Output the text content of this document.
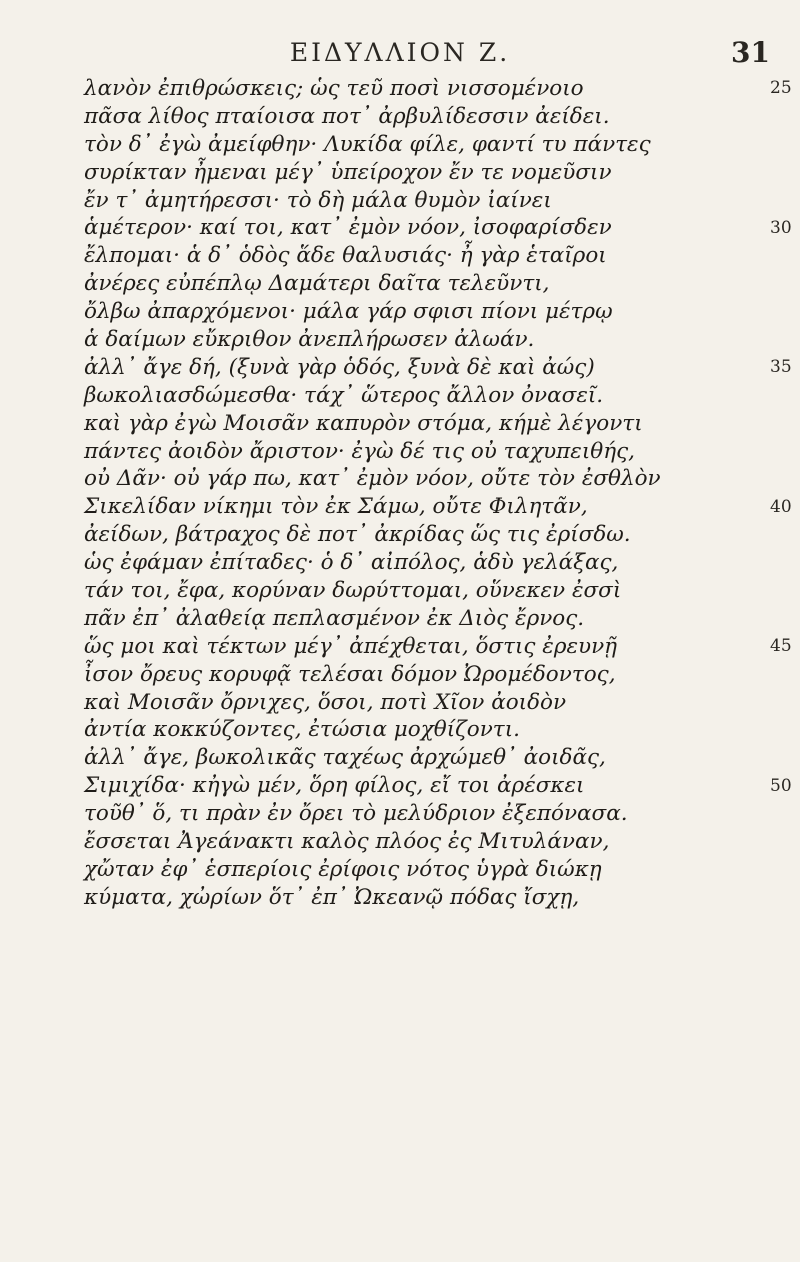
ΕΙΔΥΛΛΙΟΝ Ζ.	31
λανὸν ἐπιθρώσκεις; ὡς τεῦ ποσὶ νισσομένοιο
πᾶσα λίθος πταίοισα ποτ᾿ ἀρβυλίδεσσιν ἀείδει.
τὸν δ᾿ ἐγὼ ἀμείφθην· Λυκίδα φίλε, φαντί τυ πάντες
συρίκταν ἦμεναι μέγ᾿ ὑπείροχον ἔν τε νομεῦσιν
ἔν τ᾿ ἀμητήρεσσι· τὸ δὴ μάλα θυμὸν ἰαίνει
ἁμέτερον· καί τοι, κατ᾿ ἐμὸν νόον, ἰσοφαρίσδεν
ἔλπομαι· ἁ δ᾿ ὁδὸς ἅδε θαλυσιάς· ἦ γὰρ ἑταῖροι
ἀνέρες εὐπέπλῳ Δαμάτερι δαῖτα τελεῦντι,
ὄλβω ἀπαρχόμενοι· μάλα γάρ σφισι πίονι μέτρῳ
ἁ δαίμων εὔκριθον ἀνεπλήρωσεν ἀλωάν.
ἀλλ᾿ ἄγε δή, (ξυνὰ γὰρ ὁδός, ξυνὰ δὲ καὶ ἀώς)
βωκολιασδώμεσθα· τάχ᾿ ὥτερος ἄλλον ὀνασεῖ.
καὶ γὰρ ἐγὼ Μοισᾶν καπυρὸν στόμα, κήμὲ λέγοντι
πάντες ἀοιδὸν ἄριστον· ἐγὼ δέ τις οὐ ταχυπειθής,
οὐ Δᾶν· οὐ γάρ πω, κατ᾿ ἐμὸν νόον, οὔτε τὸν ἐσθλὸν
Σικελίδαν νίκημι τὸν ἐκ Σάμω, οὔτε Φιλητᾶν,
ἀείδων, βάτραχος δὲ ποτ᾿ ἀκρίδας ὥς τις ἐρίσδω.
ὡς ἐφάμαν ἐπίταδες· ὁ δ᾿ αἰπόλος, ἁδὺ γελάξας,
τάν τοι, ἔφα, κορύναν δωρύττομαι, οὕνεκεν ἐσσὶ
πᾶν ἐπ᾿ ἀλαθείᾳ πεπλασμένον ἐκ Διὸς ἔρνος.
ὥς μοι καὶ τέκτων μέγ᾿ ἀπέχθεται, ὅστις ἐρευνῇ
ἶσον ὄρευς κορυφᾷ τελέσαι δόμον Ὠρομέδοντος,
καὶ Μοισᾶν ὄρνιχες, ὅσοι, ποτὶ Χῖον ἀοιδὸν
ἀντία κοκκύζοντες, ἐτώσια μοχθίζοντι.
ἀλλ᾿ ἄγε, βωκολικᾶς ταχέως ἀρχώμεθ᾿ ἀοιδᾶς,
Σιμιχίδα· κἠγὼ μέν, ὅρη φίλος, εἴ τοι ἀρέσκει
τοῦθ᾿ ὅ, τι πρὰν ἐν ὄρει τὸ μελύδριον ἐξεπόνασα.
ἔσσεται Ἀγεάνακτι καλὸς πλόος ἐς Μιτυλάναν,
χὤταν ἐφ᾿ ἑσπερίοις ἐρίφοις νότος ὑγρὰ διώκῃ
κύματα, χὠρίων ὅτ᾿ ἐπ᾿ Ὠκεανῷ πόδας ἴσχῃ,
25
30
35
40
45
50
